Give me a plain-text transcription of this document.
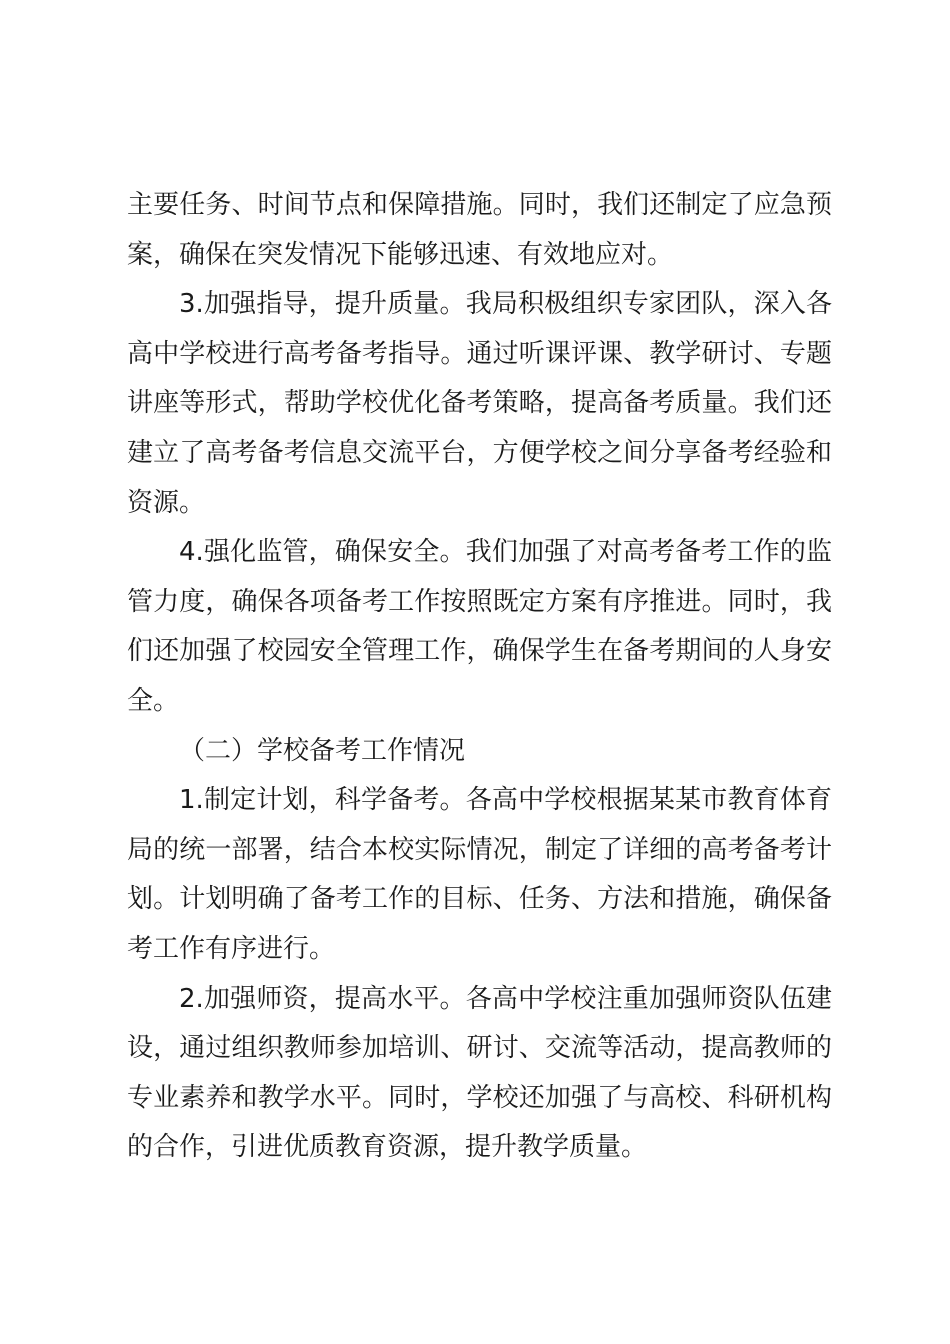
主要任务、时间节点和保障措施。同时，我们还制定了应急预
案，确保在突发情况下能够迅速、有效地应对。
3.加强指导，提升质量。我局积极组织专家团队，深入各
高中学校进行高考备考指导。通过听课评课、教学研讨、专题
讲座等形式，帮助学校优化备考策略，提高备考质量。我们还
建立了高考备考信息交流平台，方便学校之间分享备考经验和
资源。
4.强化监管，确保安全。我们加强了对高考备考工作的监
管力度，确保各项备考工作按照既定方案有序推进。同时，我
们还加强了校园安全管理工作，确保学生在备考期间的人身安
全。
（二）学校备考工作情况
1.制定计划，科学备考。各高中学校根据某某市教育体育
局的统一部署，结合本校实际情况，制定了详细的高考备考计
划。计划明确了备考工作的目标、任务、方法和措施，确保备
考工作有序进行。
2.加强师资，提高水平。各高中学校注重加强师资队伍建
设，通过组织教师参加培训、研讨、交流等活动，提高教师的
专业素养和教学水平。同时，学校还加强了与高校、科研机构
的合作，引进优质教育资源，提升教学质量。
